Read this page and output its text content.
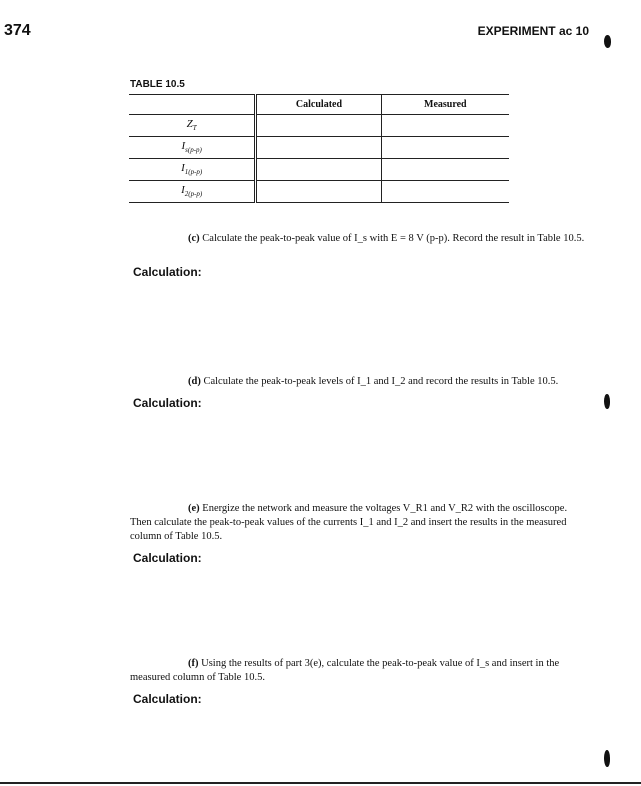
374	EXPERIMENT ac 10
TABLE 10.5
	Calculated	Measured
$Z_T$		
$I_{s(p-p)}$		
$I_{1(p-p)}$		
$I_{2(p-p)}$		

(c) Calculate the peak-to-peak value of I_s with E = 8 V (p-p). Record the result in Table 10.5.

Calculation:

(d) Calculate the peak-to-peak levels of I_1 and I_2 and record the results in Table 10.5.

Calculation:

(e) Energize the network and measure the voltages V_R1 and V_R2 with the oscilloscope. Then calculate the peak-to-peak values of the currents I_1 and I_2 and insert the results in the measured column of Table 10.5.

Calculation:

(f) Using the results of part 3(e), calculate the peak-to-peak value of I_s and insert in the measured column of Table 10.5.

Calculation:
